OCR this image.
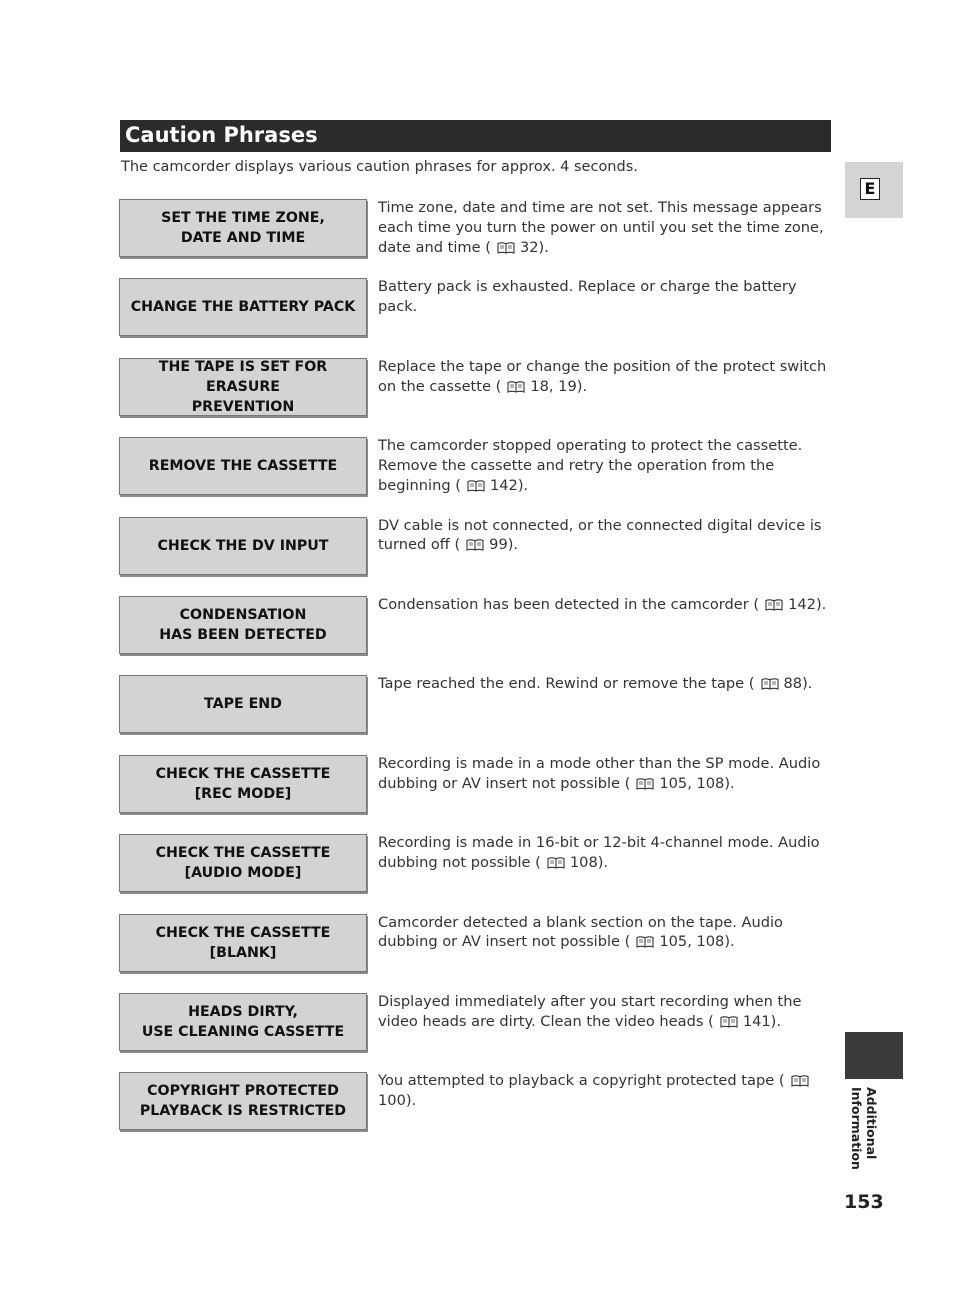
Caution Phrases
The camcorder displays various caution phrases for approx. 4 seconds.
SET THE TIME ZONE,
DATE AND TIME
Time zone, date and time are not set. This message appears each time you turn the power on until you set the time zone, date and time ( 32).
CHANGE THE BATTERY PACK
Battery pack is exhausted. Replace or charge the battery pack.
THE TAPE IS SET FOR ERASURE
PREVENTION
Replace the tape or change the position of the protect switch on the cassette ( 18, 19).
REMOVE THE CASSETTE
The camcorder stopped operating to protect the cassette. Remove the cassette and retry the operation from the beginning ( 142).
CHECK THE DV INPUT
DV cable is not connected, or the connected digital device is turned off ( 99).
CONDENSATION
HAS BEEN DETECTED
Condensation has been detected in the camcorder ( 142).
TAPE END
Tape reached the end. Rewind or remove the tape ( 88).
CHECK THE CASSETTE
[REC MODE]
Recording is made in a mode other than the SP mode. Audio dubbing or AV insert not possible ( 105, 108).
CHECK THE CASSETTE
[AUDIO MODE]
Recording is made in 16-bit or 12-bit 4-channel mode. Audio dubbing not possible ( 108).
CHECK THE CASSETTE
[BLANK]
Camcorder detected a blank section on the tape. Audio dubbing or AV insert not possible ( 105, 108).
HEADS DIRTY,
USE CLEANING CASSETTE
Displayed immediately after you start recording when the video heads are dirty. Clean the video heads ( 141).
COPYRIGHT PROTECTED
PLAYBACK IS RESTRICTED
You attempted to playback a copyright protected tape (100).
E
Additional
Information
153
